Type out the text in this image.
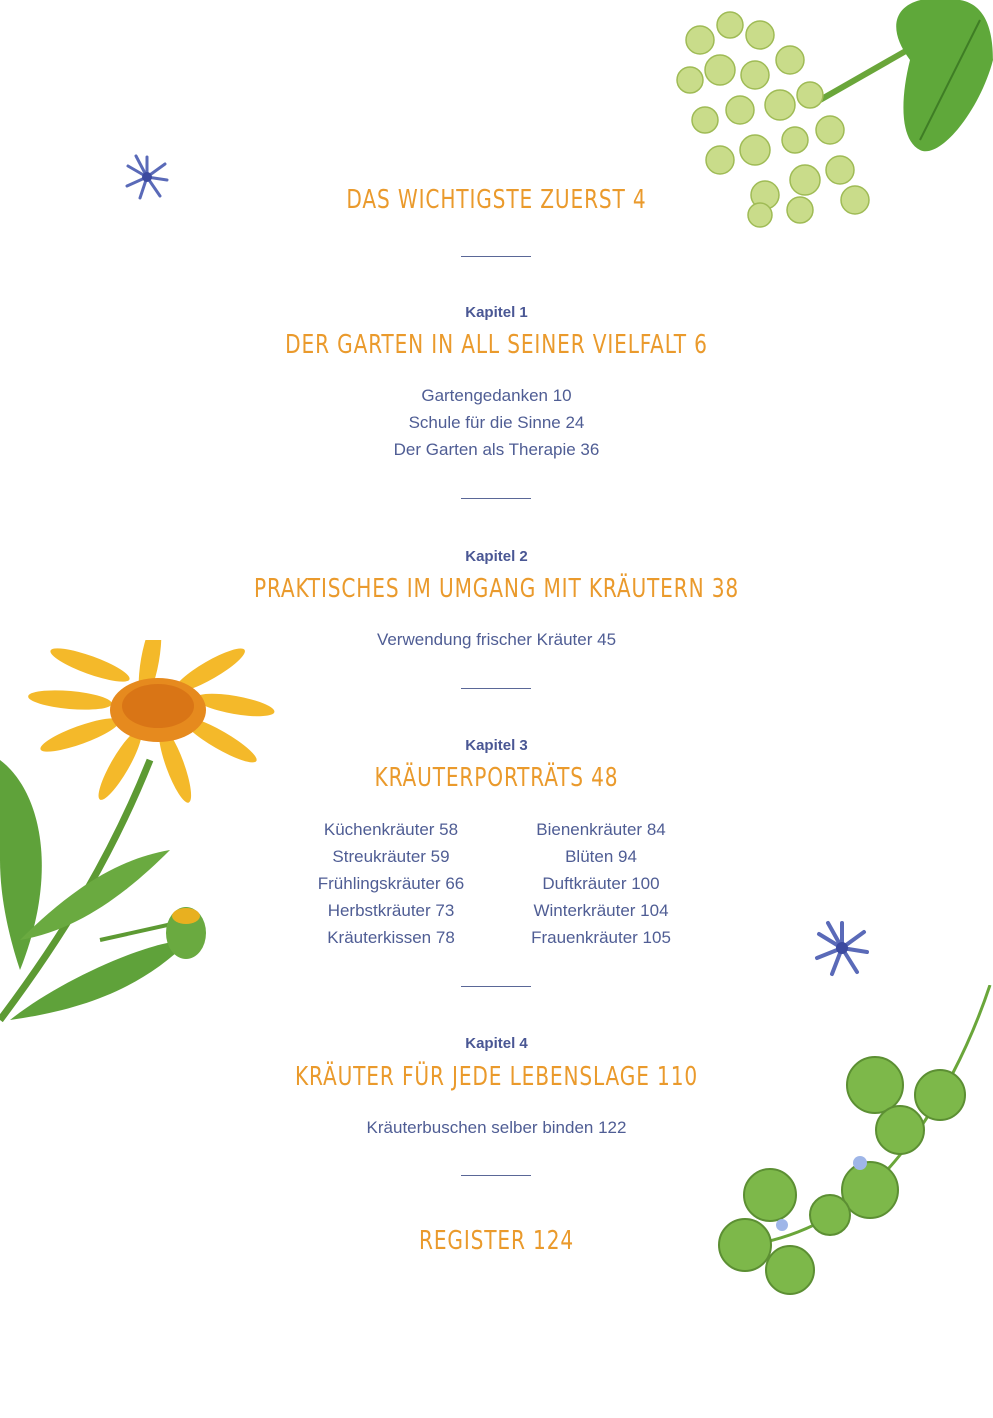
DAS WICHTIGSTE ZUERST 4
Kapitel 1
DER GARTEN IN ALL SEINER VIELFALT 6
Gartengedanken 10
Schule für die Sinne 24
Der Garten als Therapie 36
Kapitel 2
PRAKTISCHES IM UMGANG MIT KRÄUTERN 38
Verwendung frischer Kräuter 45
Kapitel 3
KRÄUTERPORTRÄTS 48
Küchenkräuter 58
Streukräuter 59
Frühlingskräuter 66
Herbstkräuter 73
Kräuterkissen 78
Bienenkräuter 84
Blüten 94
Duftkräuter 100
Winterkräuter 104
Frauenkräuter 105
Kapitel 4
KRÄUTER FÜR JEDE LEBENSLAGE 110
Kräuterbuschen selber binden 122
REGISTER 124
